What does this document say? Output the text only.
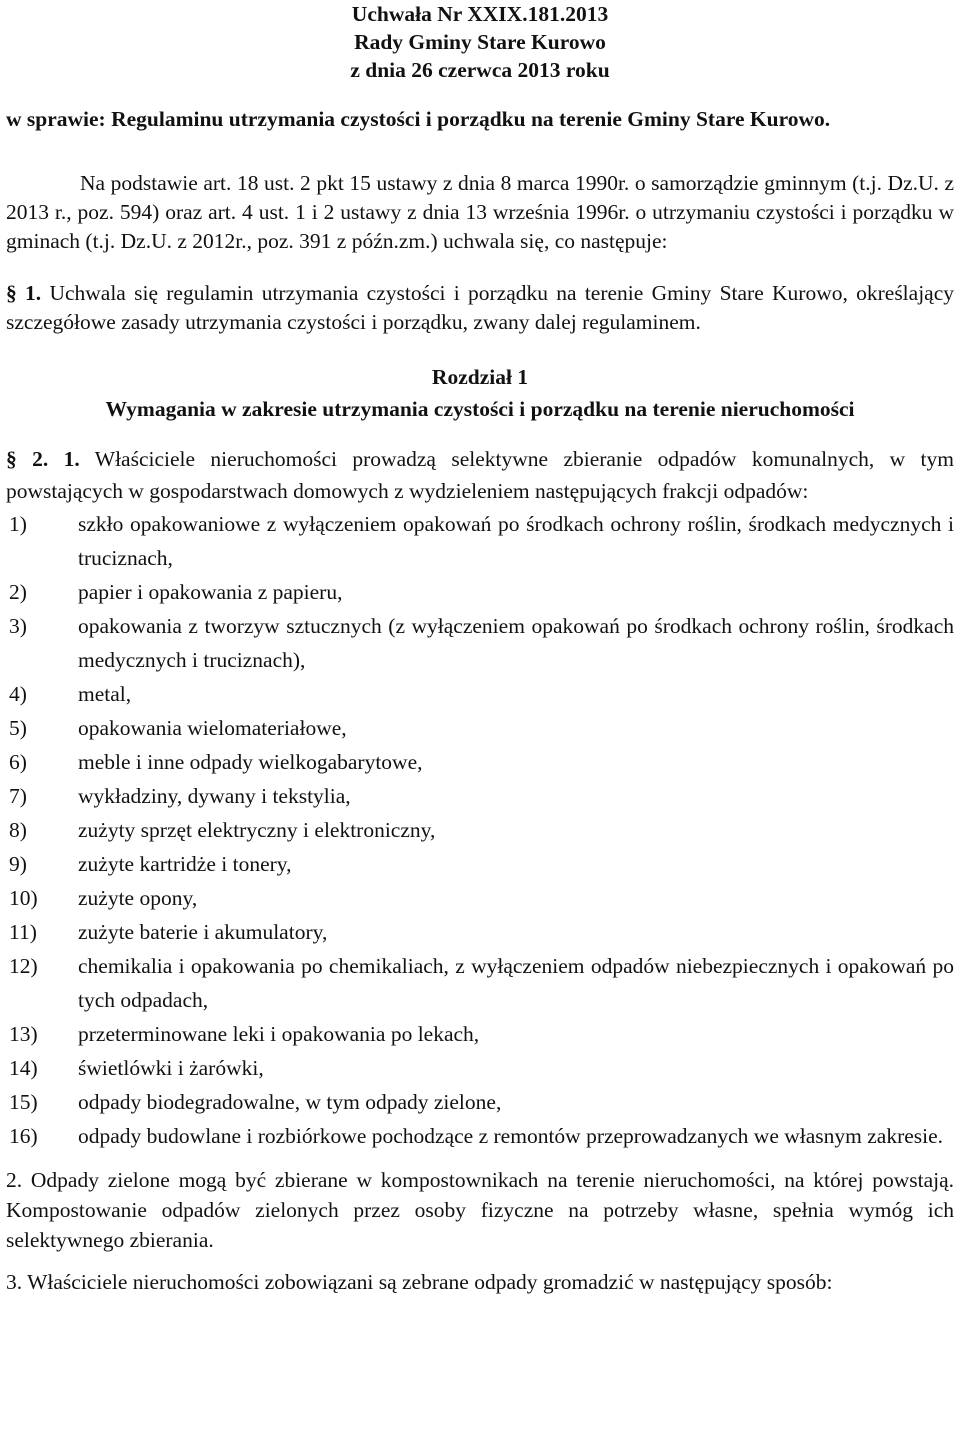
Uchwała Nr XXIX.181.2013
Rady Gminy Stare Kurowo
z dnia 26 czerwca 2013 roku
w sprawie: Regulaminu utrzymania czystości i porządku na terenie Gminy Stare Kurowo.
Na podstawie art. 18 ust. 2 pkt 15 ustawy z dnia 8 marca 1990r. o samorządzie gminnym (t.j. Dz.U. z 2013 r., poz. 594) oraz art. 4 ust. 1 i 2 ustawy z dnia 13 września 1996r. o utrzymaniu czystości i porządku w gminach (t.j. Dz.U. z 2012r., poz. 391 z późn.zm.) uchwala się, co następuje:
§ 1. Uchwala się regulamin utrzymania czystości i porządku na terenie Gminy Stare Kurowo, określający szczegółowe zasady utrzymania czystości i porządku, zwany dalej regulaminem.
Rozdział 1
Wymagania w zakresie utrzymania czystości i porządku na terenie nieruchomości
§ 2. 1. Właściciele nieruchomości prowadzą selektywne zbieranie odpadów komunalnych, w tym powstających w gospodarstwach domowych z wydzieleniem następujących frakcji odpadów:
1)	szkło opakowaniowe z wyłączeniem opakowań po środkach ochrony roślin, środkach medycznych i truciznach,
2)	papier i opakowania z papieru,
3)	opakowania z tworzyw sztucznych (z wyłączeniem opakowań po środkach ochrony roślin, środkach medycznych i truciznach),
4)	metal,
5)	opakowania wielomateriałowe,
6)	meble i inne odpady wielkogabarytowe,
7)	wykładziny, dywany i tekstylia,
8)	zużyty sprzęt elektryczny i elektroniczny,
9)	zużyte kartridże i tonery,
10)	zużyte opony,
11)	zużyte baterie i akumulatory,
12)	chemikalia i opakowania po chemikaliach, z wyłączeniem odpadów niebezpiecznych i opakowań po tych odpadach,
13)	przeterminowane leki i opakowania po lekach,
14)	świetlówki i żarówki,
15)	odpady biodegradowalne, w tym odpady zielone,
16)	odpady budowlane i rozbiórkowe pochodzące z remontów przeprowadzanych we własnym zakresie.
2. Odpady zielone mogą być zbierane w kompostownikach na terenie nieruchomości, na której powstają. Kompostowanie odpadów zielonych przez osoby fizyczne na potrzeby własne, spełnia wymóg ich selektywnego zbierania.
3. Właściciele nieruchomości zobowiązani są zebrane odpady gromadzić w następujący sposób:
